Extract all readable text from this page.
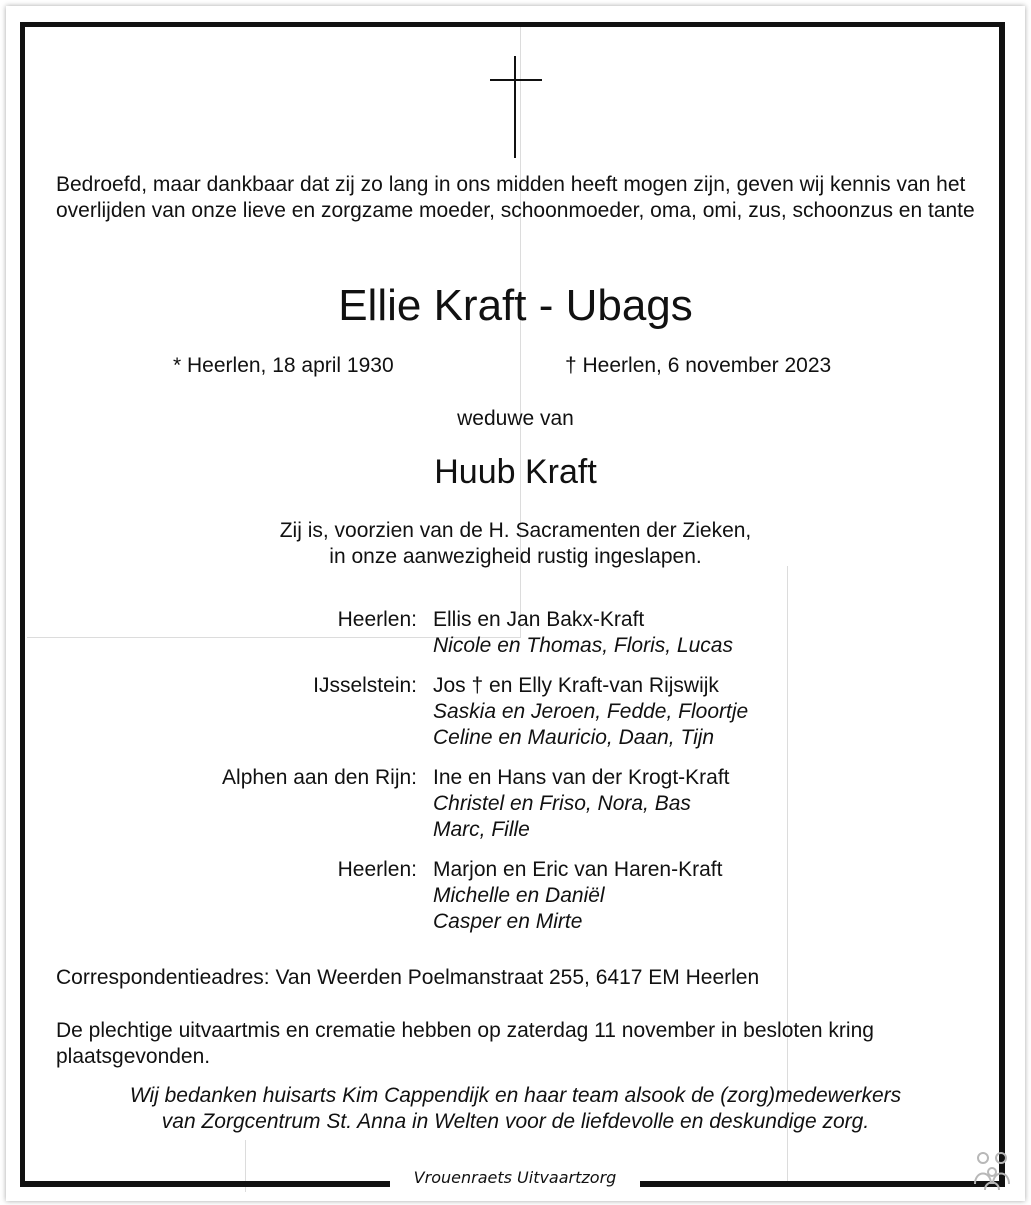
Bedroefd, maar dankbaar dat zij zo lang in ons midden heeft mogen zijn, geven wij kennis van het overlijden van onze lieve en zorgzame moeder, schoonmoeder, oma, omi, zus, schoonzus en tante

Ellie Kraft - Ubags
* Heerlen, 18 april 1930	† Heerlen, 6 november 2023
weduwe van
Huub Kraft
Zij is, voorzien van de H. Sacramenten der Zieken,
in onze aanwezigheid rustig ingeslapen.
Heerlen: Ellis en Jan Bakx-Kraft
Nicole en Thomas, Floris, Lucas
IJsselstein: Jos † en Elly Kraft-van Rijswijk
Saskia en Jeroen, Fedde, Floortje
Celine en Mauricio, Daan, Tijn
Alphen aan den Rijn: Ine en Hans van der Krogt-Kraft
Christel en Friso, Nora, Bas
Marc, Fille
Heerlen: Marjon en Eric van Haren-Kraft
Michelle en Daniël
Casper en Mirte
Correspondentieadres: Van Weerden Poelmanstraat 255, 6417 EM Heerlen
De plechtige uitvaartmis en crematie hebben op zaterdag 11 november in besloten kring plaatsgevonden.
Wij bedanken huisarts Kim Cappendijk en haar team alsook de (zorg)medewerkers
van Zorgcentrum St. Anna in Welten voor de liefdevolle en deskundige zorg.
Vrouenraets Uitvaartzorg
